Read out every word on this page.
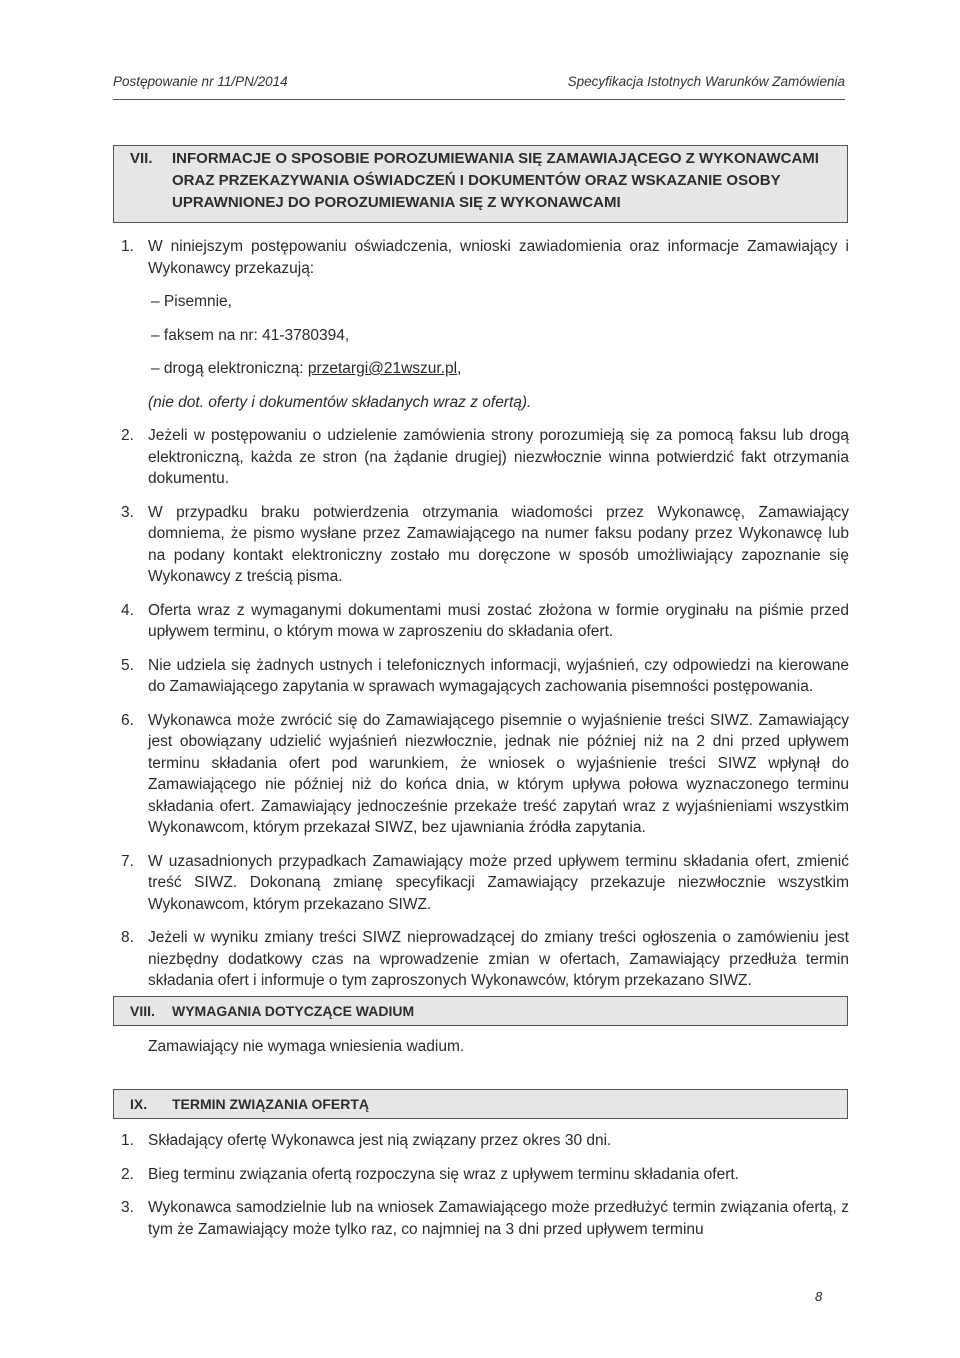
Postępowanie nr 11/PN/2014	Specyfikacja Istotnych Warunków Zamówienia
VII. INFORMACJE O SPOSOBIE POROZUMIEWANIA SIĘ ZAMAWIAJĄCEGO Z WYKONAWCAMI ORAZ PRZEKAZYWANIA OŚWIADCZEŃ I DOKUMENTÓW ORAZ WSKAZANIE OSOBY UPRAWNIONEJ DO POROZUMIEWANIA SIĘ Z WYKONAWCAMI
1. W niniejszym postępowaniu oświadczenia, wnioski zawiadomienia oraz informacje Zamawiający i Wykonawcy przekazują:

– Pisemnie,

– faksem na nr: 41-3780394,

– drogą elektroniczną: przetargi@21wszur.pl,

(nie dot. oferty i dokumentów składanych wraz z ofertą).

2. Jeżeli w postępowaniu o udzielenie zamówienia strony porozumieją się za pomocą faksu lub drogą elektroniczną, każda ze stron (na żądanie drugiej) niezwłocznie winna potwierdzić fakt otrzymania dokumentu.
3. W przypadku braku potwierdzenia otrzymania wiadomości przez Wykonawcę, Zamawiający domniema, że pismo wysłane przez Zamawiającego na numer faksu podany przez Wykonawcę lub na podany kontakt elektroniczny zostało mu doręczone w sposób umożliwiający zapoznanie się Wykonawcy z treścią pisma.
4. Oferta wraz z wymaganymi dokumentami musi zostać złożona w formie oryginału na piśmie przed upływem terminu, o którym mowa w zaproszeniu do składania ofert.
5. Nie udziela się żadnych ustnych i telefonicznych informacji, wyjaśnień, czy odpowiedzi na kierowane do Zamawiającego zapytania w sprawach wymagających zachowania pisemności postępowania.
6. Wykonawca może zwrócić się do Zamawiającego pisemnie o wyjaśnienie treści SIWZ. Zamawiający jest obowiązany udzielić wyjaśnień niezwłocznie, jednak nie później niż na 2 dni przed upływem terminu składania ofert pod warunkiem, że wniosek o wyjaśnienie treści SIWZ wpłynął do Zamawiającego nie później niż do końca dnia, w którym upływa połowa wyznaczonego terminu składania ofert. Zamawiający jednocześnie przekaże treść zapytań wraz z wyjaśnieniami wszystkim Wykonawcom, którym przekazał SIWZ, bez ujawniania źródła zapytania.
7. W uzasadnionych przypadkach Zamawiający może przed upływem terminu składania ofert, zmienić treść SIWZ. Dokonaną zmianę specyfikacji Zamawiający przekazuje niezwłocznie wszystkim Wykonawcom, którym przekazano SIWZ.
8. Jeżeli w wyniku zmiany treści SIWZ nieprowadzącej do zmiany treści ogłoszenia o zamówieniu jest niezbędny dodatkowy czas na wprowadzenie zmian w ofertach, Zamawiający przedłuża termin składania ofert i informuje o tym zaproszonych Wykonawców, którym przekazano SIWZ.
VIII. WYMAGANIA DOTYCZĄCE WADIUM
Zamawiający nie wymaga wniesienia wadium.
IX. TERMIN ZWIĄZANIA OFERTĄ
1. Składający ofertę Wykonawca jest nią związany przez okres 30 dni.
2. Bieg terminu związania ofertą rozpoczyna się wraz z upływem terminu składania ofert.
3. Wykonawca samodzielnie lub na wniosek Zamawiającego może przedłużyć termin związania ofertą, z tym że Zamawiający może tylko raz, co najmniej na 3 dni przed upływem terminu
8
